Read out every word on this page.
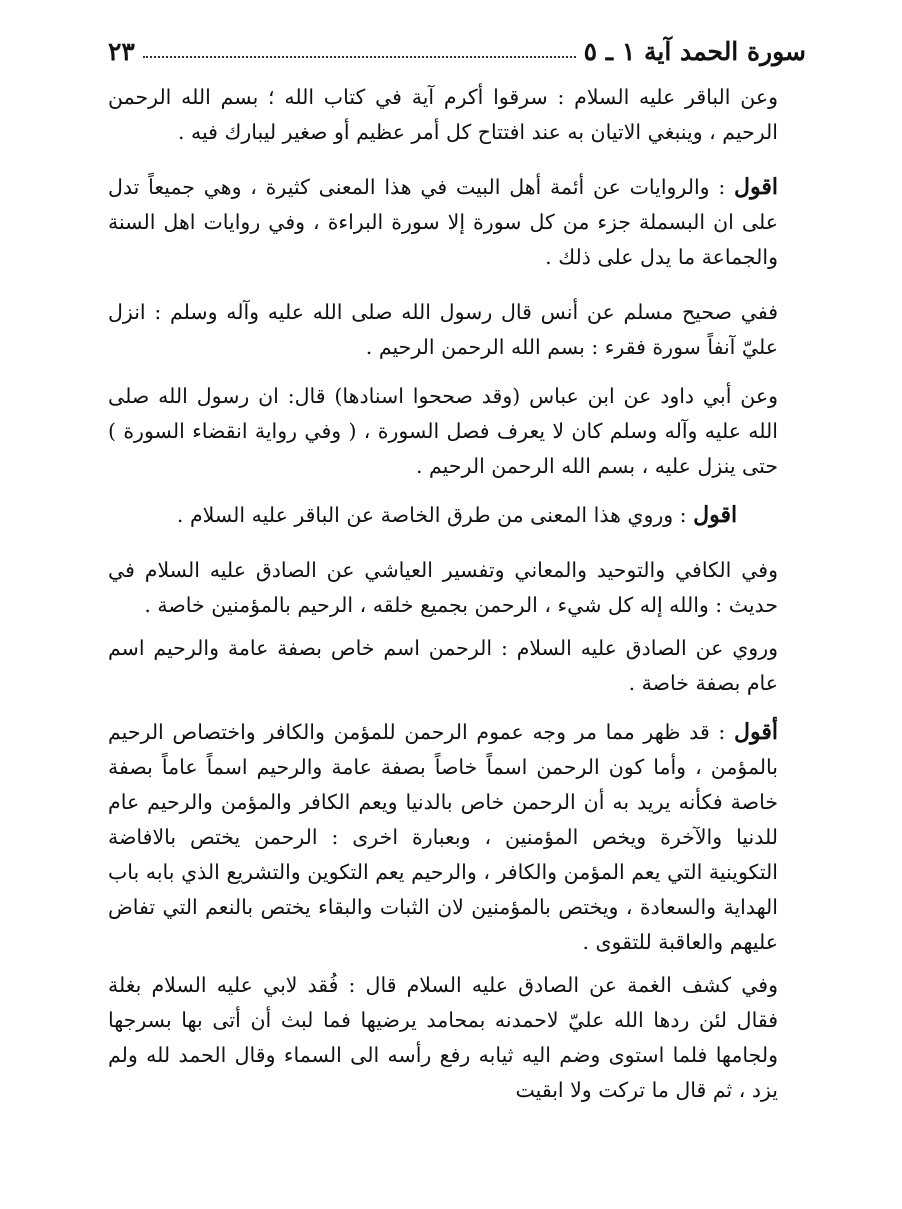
سورة الحمد آية ١ ـ ٥
٢٣

وعن الباقر عليه السلام : سرقوا أكرم آية في كتاب الله ؛ بسم الله الرحمن الرحيم ، وينبغي الاتيان به عند افتتاح كل أمر عظيم أو صغير ليبارك فيه .

اقول : والروايات عن أئمة أهل البيت في هذا المعنى كثيرة ، وهي جميعاً تدل على ان البسملة جزء من كل سورة إلا سورة البراءة ، وفي روايات اهل السنة والجماعة ما يدل على ذلك .

ففي صحيح مسلم عن أنس قال رسول الله صلى الله عليه وآله وسلم : انزل عليّ آنفاً سورة فقرء : بسم الله الرحمن الرحيم .

وعن أبي داود عن ابن عباس (وقد صححوا اسنادها) قال: ان رسول الله صلى الله عليه وآله وسلم كان لا يعرف فصل السورة ، ( وفي رواية انقضاء السورة ) حتى ينزل عليه ، بسم الله الرحمن الرحيم .

اقول : وروي هذا المعنى من طرق الخاصة عن الباقر عليه السلام .

وفي الكافي والتوحيد والمعاني وتفسير العياشي عن الصادق عليه السلام في حديث : والله إله كل شيء ، الرحمن بجميع خلقه ، الرحيم بالمؤمنين خاصة .

وروي عن الصادق عليه السلام : الرحمن اسم خاص بصفة عامة والرحيم اسم عام بصفة خاصة .

أقول : قد ظهر مما مر وجه عموم الرحمن للمؤمن والكافر واختصاص الرحيم بالمؤمن ، وأما كون الرحمن اسماً خاصاً بصفة عامة والرحيم اسماً عاماً بصفة خاصة فكأنه يريد به أن الرحمن خاص بالدنيا ويعم الكافر والمؤمن والرحيم عام للدنيا والآخرة ويخص المؤمنين ، وبعبارة اخرى : الرحمن يختص بالافاضة التكوينية التي يعم المؤمن والكافر ، والرحيم يعم التكوين والتشريع الذي بابه باب الهداية والسعادة ، ويختص بالمؤمنين لان الثبات والبقاء يختص بالنعم التي تفاض عليهم والعاقبة للتقوى .

وفي كشف الغمة عن الصادق عليه السلام قال : فُقد لابي عليه السلام بغلة فقال لئن ردها الله عليّ لاحمدنه بمحامد يرضيها فما لبث أن أتى بها بسرجها ولجامها فلما استوى وضم اليه ثيابه رفع رأسه الى السماء وقال الحمد لله ولم يزد ، ثم قال ما تركت ولا ابقيت
